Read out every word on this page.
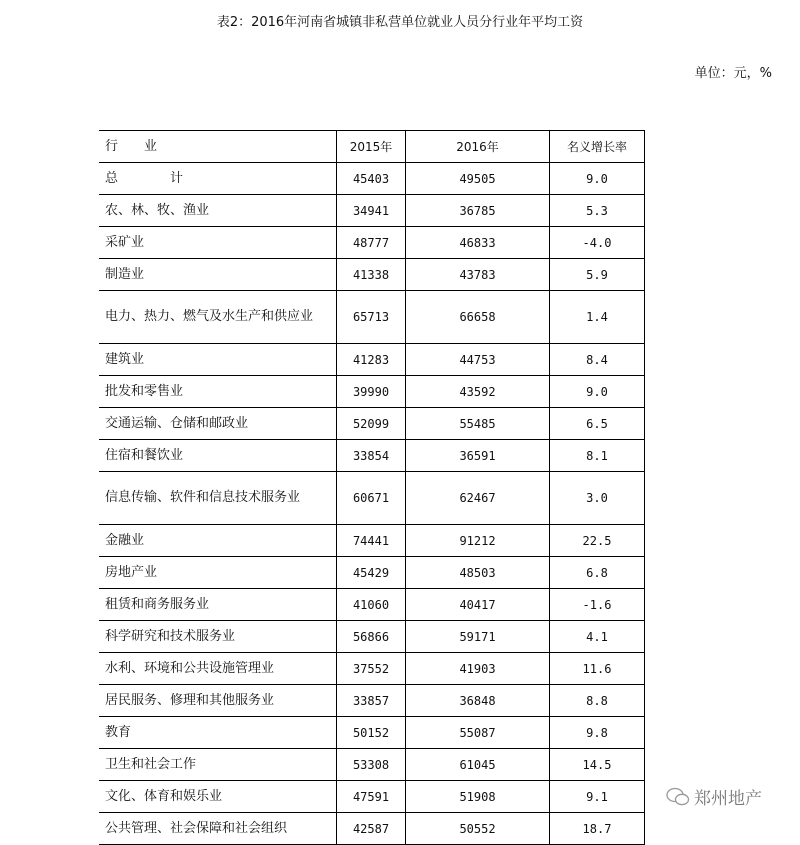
表2：2016年河南省城镇非私营单位就业人员分行业年平均工资
单位：元，%
行　　业	2015年	2016年	名义增长率
总　　　　计	45403	49505	9.0
农、林、牧、渔业	34941	36785	5.3
采矿业	48777	46833	-4.0
制造业	41338	43783	5.9
电力、热力、燃气及水生产和供应业	65713	66658	1.4
建筑业	41283	44753	8.4
批发和零售业	39990	43592	9.0
交通运输、仓储和邮政业	52099	55485	6.5
住宿和餐饮业	33854	36591	8.1
信息传输、软件和信息技术服务业	60671	62467	3.0
金融业	74441	91212	22.5
房地产业	45429	48503	6.8
租赁和商务服务业	41060	40417	-1.6
科学研究和技术服务业	56866	59171	4.1
水利、环境和公共设施管理业	37552	41903	11.6
居民服务、修理和其他服务业	33857	36848	8.8
教育	50152	55087	9.8
卫生和社会工作	53308	61045	14.5
文化、体育和娱乐业	47591	51908	9.1
公共管理、社会保障和社会组织	42587	50552	18.7
郑州地产
